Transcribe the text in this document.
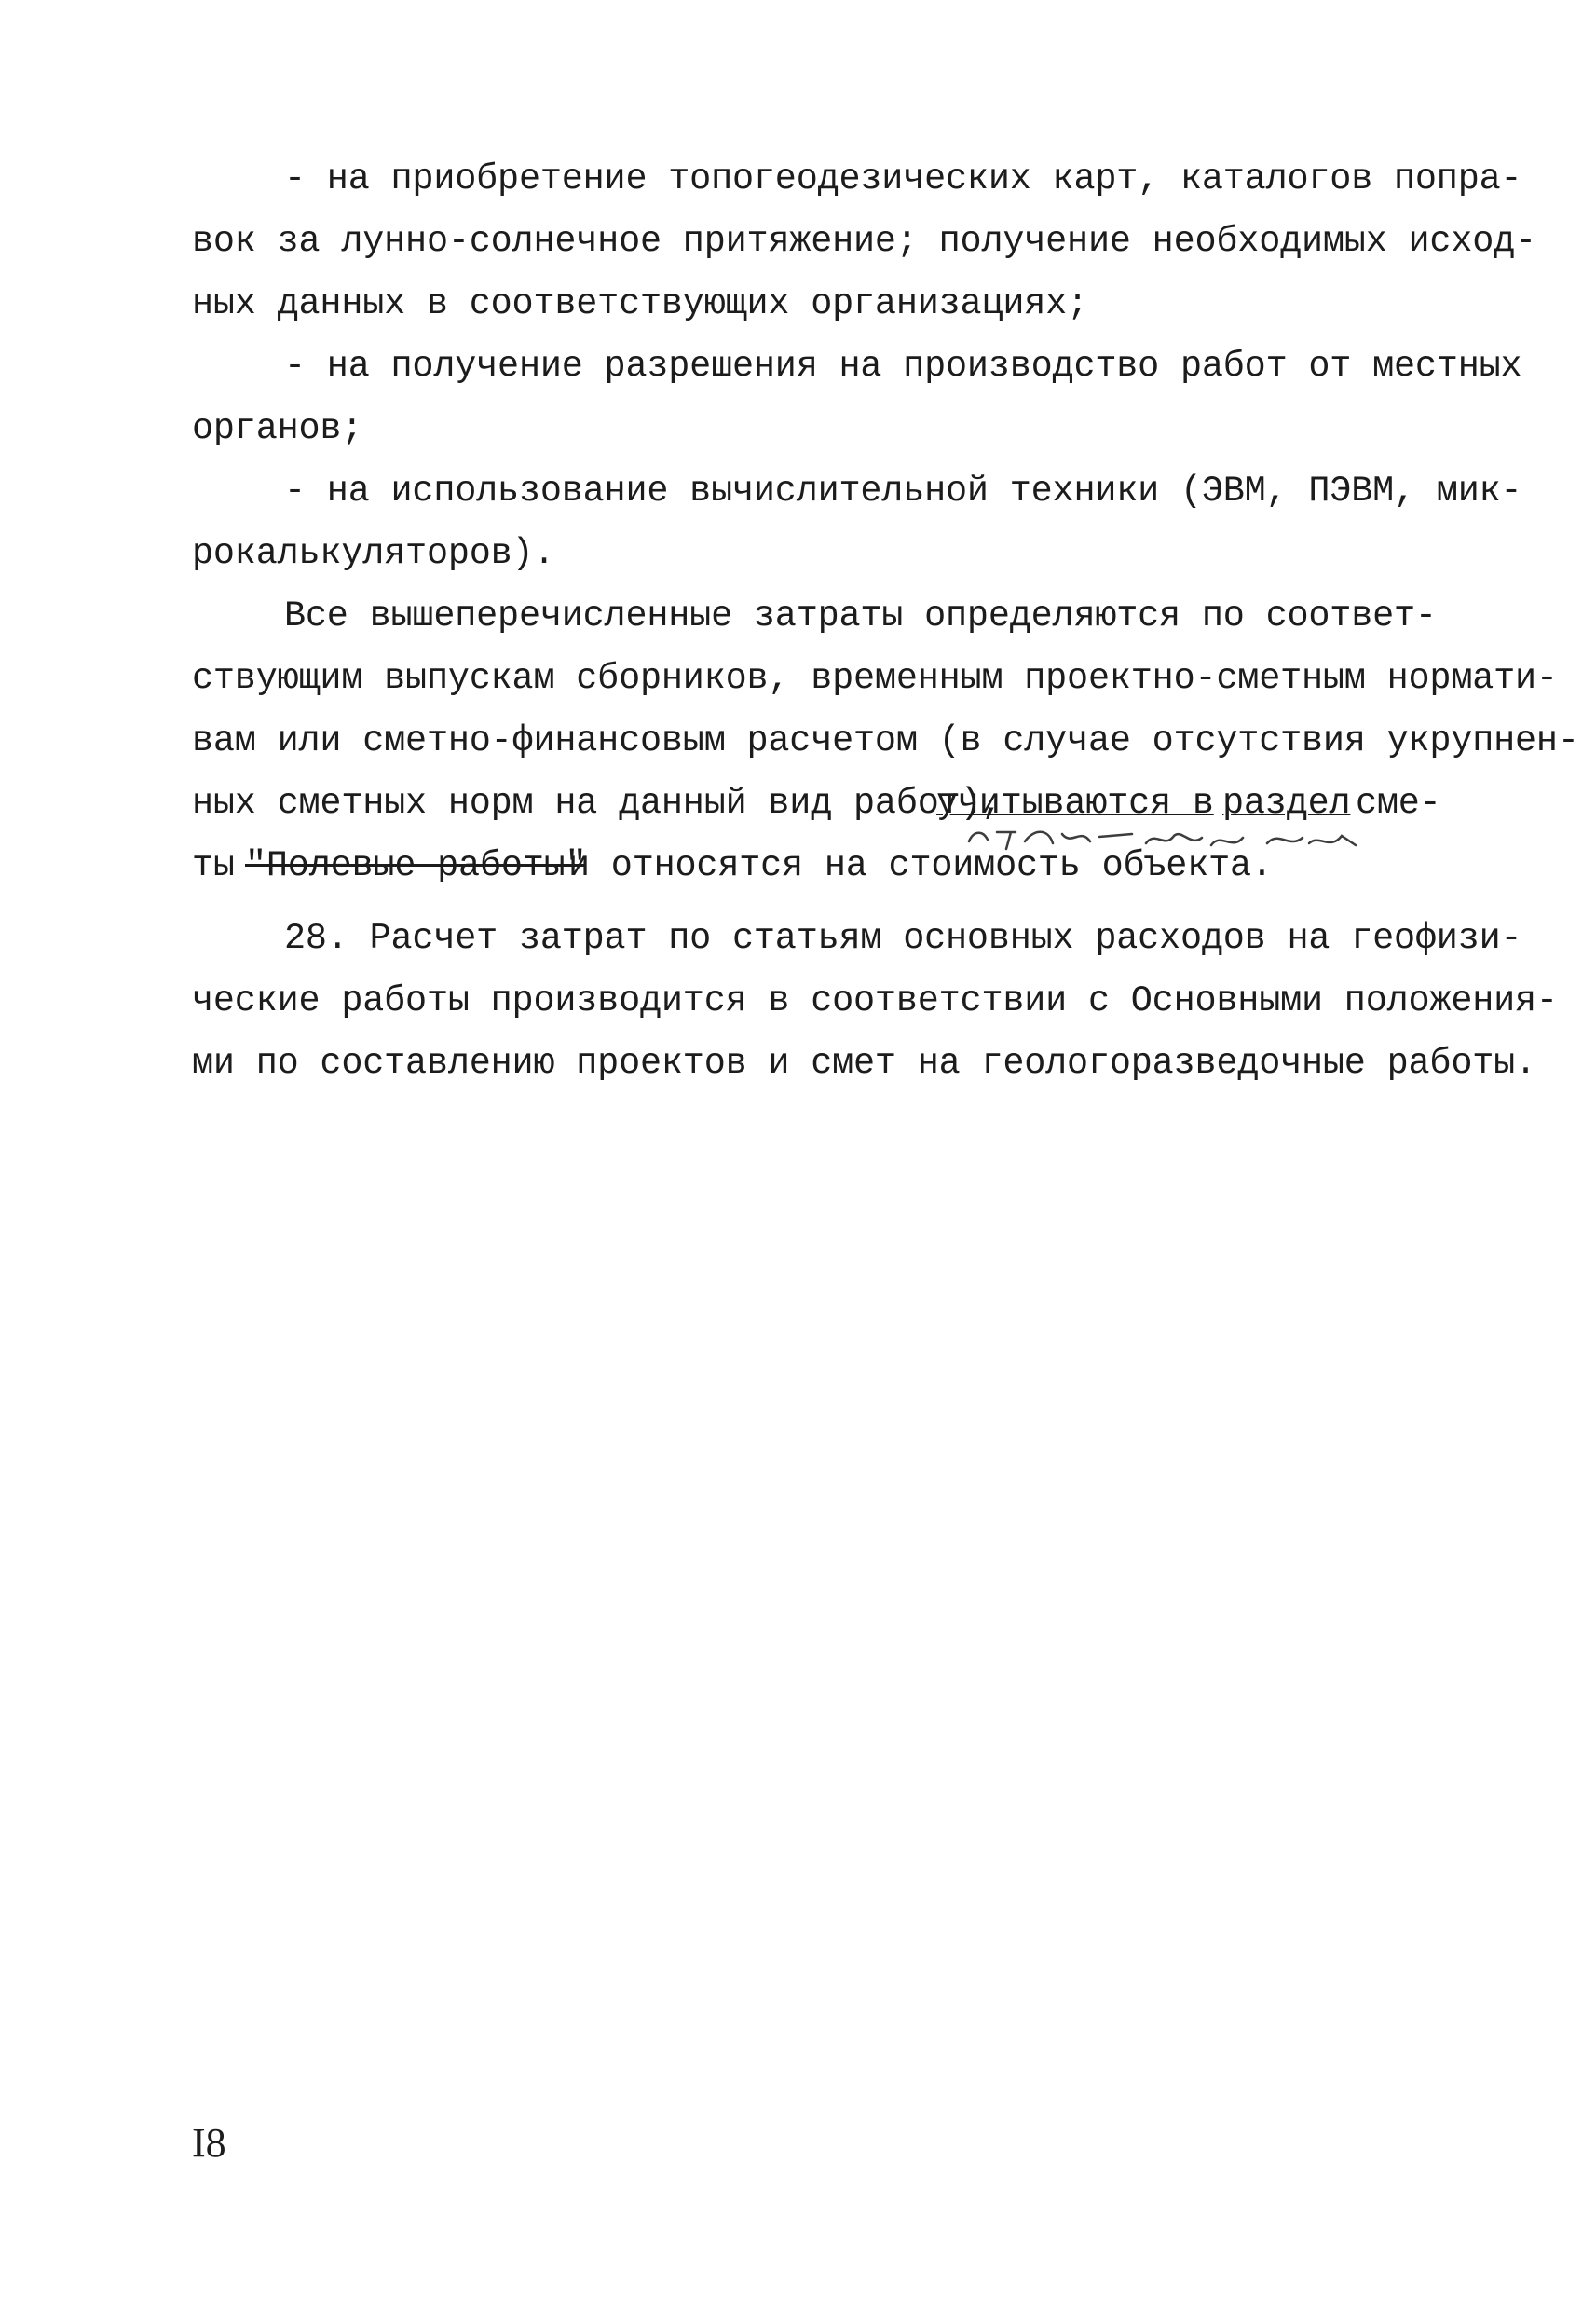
- на приобретение топогеодезических карт, каталогов попра-
вок за лунно-солнечное притяжение; получение необходимых исход-
ных данных в соответствующих организациях;
- на получение разрешения на производство работ от местных
органов;
- на использование вычислительной техники (ЭВМ, ПЭВМ, мик-
рокалькуляторов).
Все вышеперечисленные затраты определяются по соответ-
ствующим выпускам сборников, временным проектно-сметным нормати-
вам или сметно-финансовым расчетом (в случае отсутствия укрупнен-
ных сметных норм на данный вид работ),
учитываются в раздел сме-
ты "Полевые работы"
и относятся на стоимость объекта.
28. Расчет затрат по статьям основных расходов на геофизи-
ческие работы производится в соответствии с Основными положения-
ми по составлению проектов и смет на геологоразведочные работы.
I8
